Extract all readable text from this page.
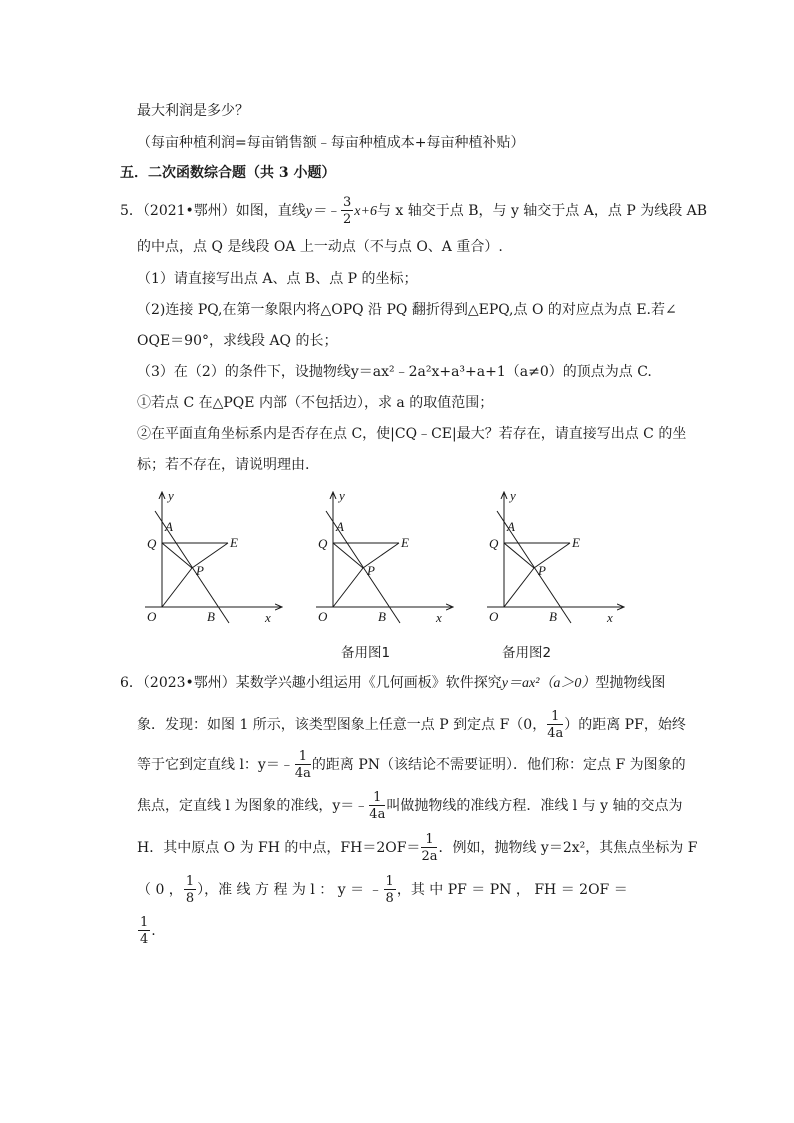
最大利润是多少？
（每亩种植利润=每亩销售额﹣每亩种植成本+每亩种植补贴）
五．二次函数综合题（共 3 小题）
5．（2021•鄂州）如图，直线y＝﹣ $\frac{3}{2} x+6$与 x 轴交于点 B，与 y 轴交于点 A，点 P 为线段 AB
的中点，点 Q 是线段 OA 上一动点（不与点 O、A 重合）.
（1）请直接写出点 A、点 B、点 P 的坐标；
（2)连接 PQ,在第一象限内将△OPQ 沿 PQ 翻折得到△EPQ,点 O 的对应点为点 E.若∠
OQE＝90°，求线段 AQ 的长；
（3）在（2）的条件下，设抛物线y＝ax²﹣2a²x+a³+a+1（a≠0）的顶点为点 C.
①若点 C 在△PQE 内部（不包括边），求 a 的取值范围；
②在平面直角坐标系内是否存在点 C，使|CQ﹣CE|最大？若存在，请直接写出点 C 的坐
标；若不存在，请说明理由.
y
x
O
A
B
Q	E
P
y
x
O
A
B
Q	E
P
y
x
O
A
B
Q	E
P
备用图1	备用图2
6．（2023•鄂州）某数学兴趣小组运用《几何画板》软件探究y＝ax²（a＞0）型抛物线图
象．发现：如图 1 所示，该类型图象上任意一点 P 到定点 F（0， $\frac{1}{4a}$ ）的距离 PF，始终
等于它到定直线 l：y＝﹣ $\frac{1}{4a}$ 的距离 PN（该结论不需要证明）．他们称：定点 F 为图象的
焦点，定直线 l 为图象的准线，y＝﹣ $\frac{1}{4a}$ 叫做抛物线的准线方程．准线 l 与 y 轴的交点为
H．其中原点 O 为 FH 的中点，$FH=2OF= \frac{1}{2a}$ ．例如，抛物线 y＝2x²，其焦点坐标为 F
（ 0 ， $\frac{1}{8}$ ），准 线 方 程 为 l ： y ＝ ﹣ $\frac{1}{8}$ ，其 中 PF ＝ PN ， FH ＝ 2OF ＝
$\frac{1}{4}$ .
